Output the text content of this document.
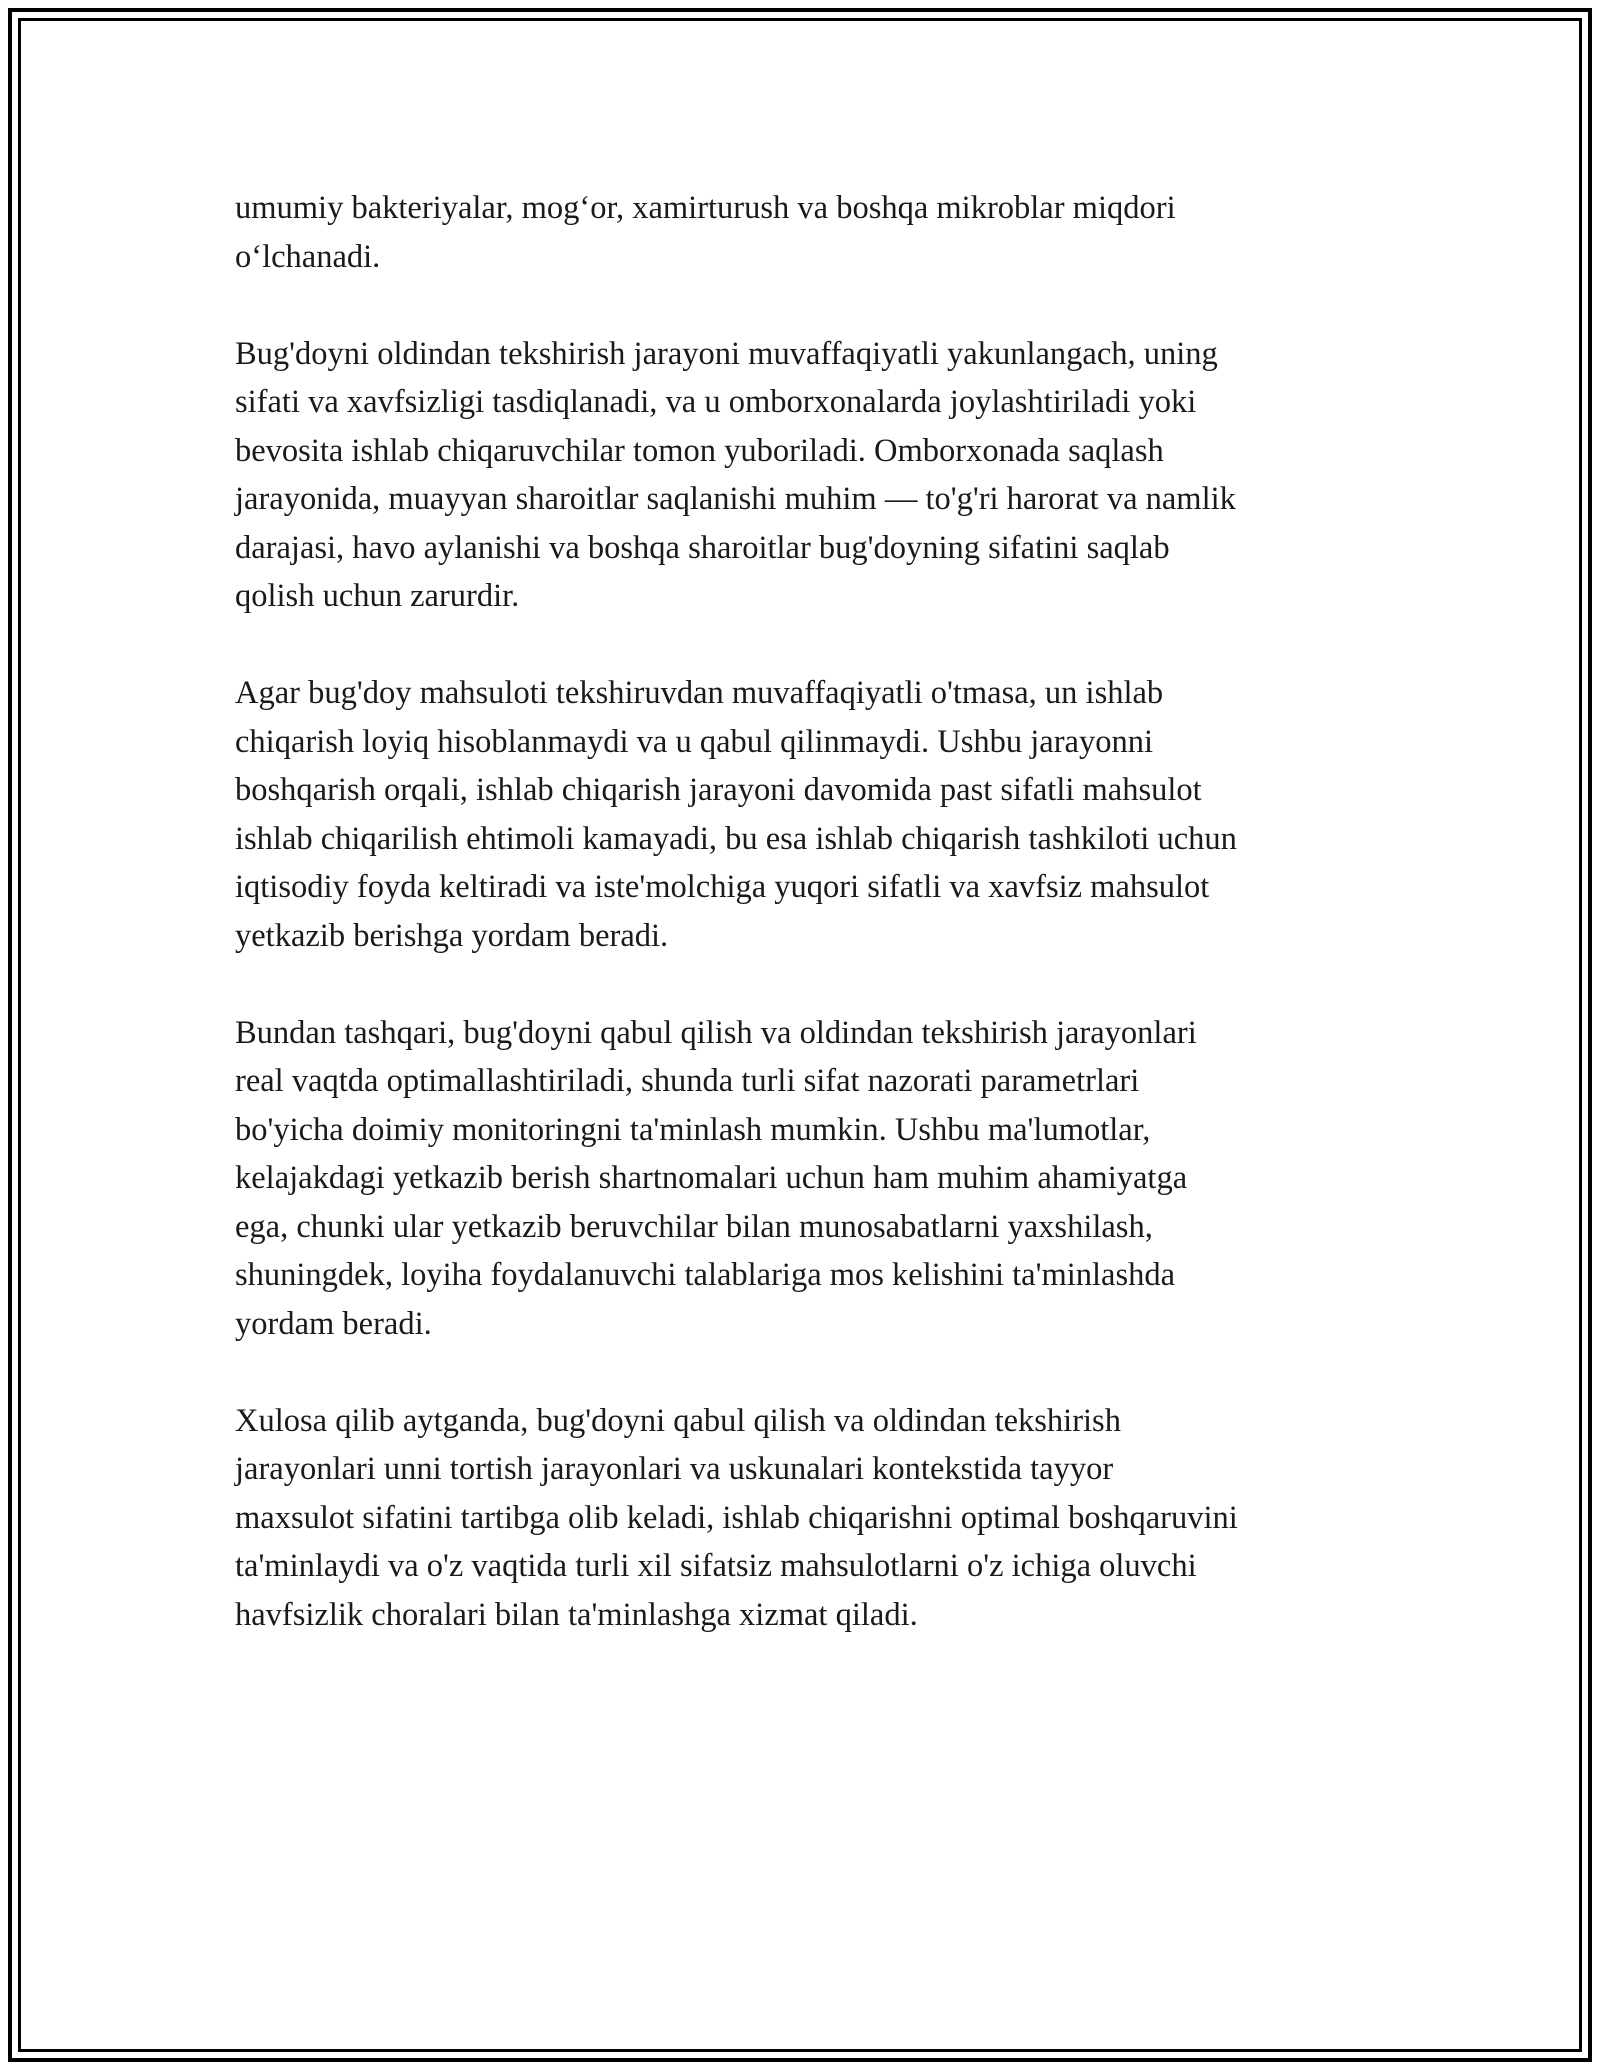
umumiy bakteriyalar, mog‘or, xamirturush va boshqa mikroblar miqdori
o‘lchanadi.

Bug'doyni oldindan tekshirish jarayoni muvaffaqiyatli yakunlangach, uning
sifati va xavfsizligi tasdiqlanadi, va u omborxonalarda joylashtiriladi yoki
bevosita ishlab chiqaruvchilar tomon yuboriladi. Omborxonada saqlash
jarayonida, muayyan sharoitlar saqlanishi muhim — to'g'ri harorat va namlik
darajasi, havo aylanishi va boshqa sharoitlar bug'doyning sifatini saqlab
qolish uchun zarurdir.

Agar bug'doy mahsuloti tekshiruvdan muvaffaqiyatli o'tmasa, un ishlab
chiqarish loyiq hisoblanmaydi va u qabul qilinmaydi. Ushbu jarayonni
boshqarish orqali, ishlab chiqarish jarayoni davomida past sifatli mahsulot
ishlab chiqarilish ehtimoli kamayadi, bu esa ishlab chiqarish tashkiloti uchun
iqtisodiy foyda keltiradi va iste'molchiga yuqori sifatli va xavfsiz mahsulot
yetkazib berishga yordam beradi.

Bundan tashqari, bug'doyni qabul qilish va oldindan tekshirish jarayonlari
real vaqtda optimallashtiriladi, shunda turli sifat nazorati parametrlari
bo'yicha doimiy monitoringni ta'minlash mumkin. Ushbu ma'lumotlar,
kelajakdagi yetkazib berish shartnomalari uchun ham muhim ahamiyatga
ega, chunki ular yetkazib beruvchilar bilan munosabatlarni yaxshilash,
shuningdek, loyiha foydalanuvchi talablariga mos kelishini ta'minlashda
yordam beradi.

Xulosa qilib aytganda, bug'doyni qabul qilish va oldindan tekshirish
jarayonlari unni tortish jarayonlari va uskunalari kontekstida tayyor
maxsulot sifatini tartibga olib keladi, ishlab chiqarishni optimal boshqaruvini
ta'minlaydi va o'z vaqtida turli xil sifatsiz mahsulotlarni o'z ichiga oluvchi
havfsizlik choralari bilan ta'minlashga xizmat qiladi.
